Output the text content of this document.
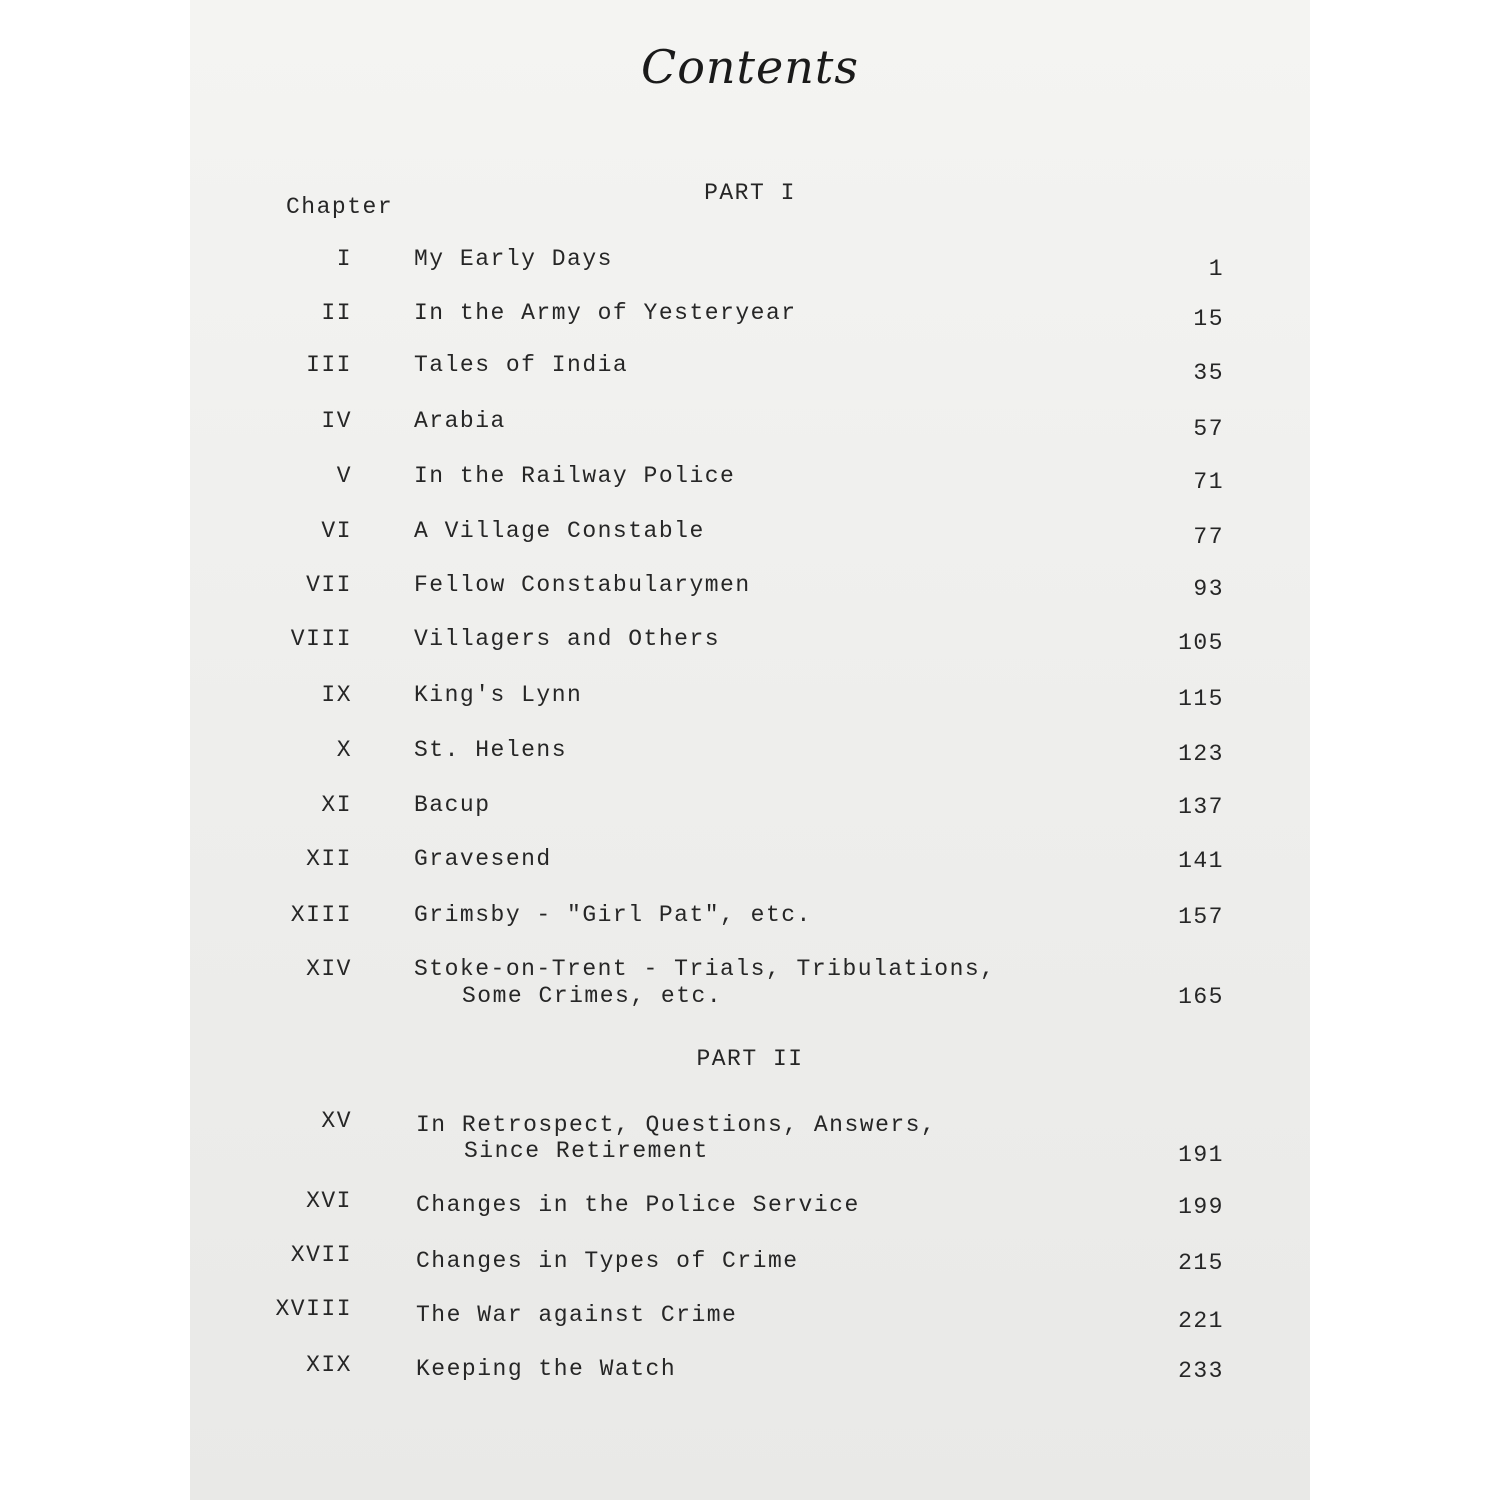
Contents
PART I
Chapter
I	My Early Days	1
II	In the Army of Yesteryear	15
III	Tales of India	35
IV	Arabia	57
V	In the Railway Police	71
VI	A Village Constable	77
VII	Fellow Constabularymen	93
VIII	Villagers and Others	105
IX	King's Lynn	115
X	St. Helens	123
XI	Bacup	137
XII	Gravesend	141
XIII	Grimsby - "Girl Pat", etc.	157
XIV	Stoke-on-Trent - Trials, Tribulations,
Some Crimes, etc.	165
PART II
XV	In Retrospect, Questions, Answers,
Since Retirement	191
XVI	Changes in the Police Service	199
XVII	Changes in Types of Crime	215
XVIII	The War against Crime	221
XIX	Keeping the Watch	233
